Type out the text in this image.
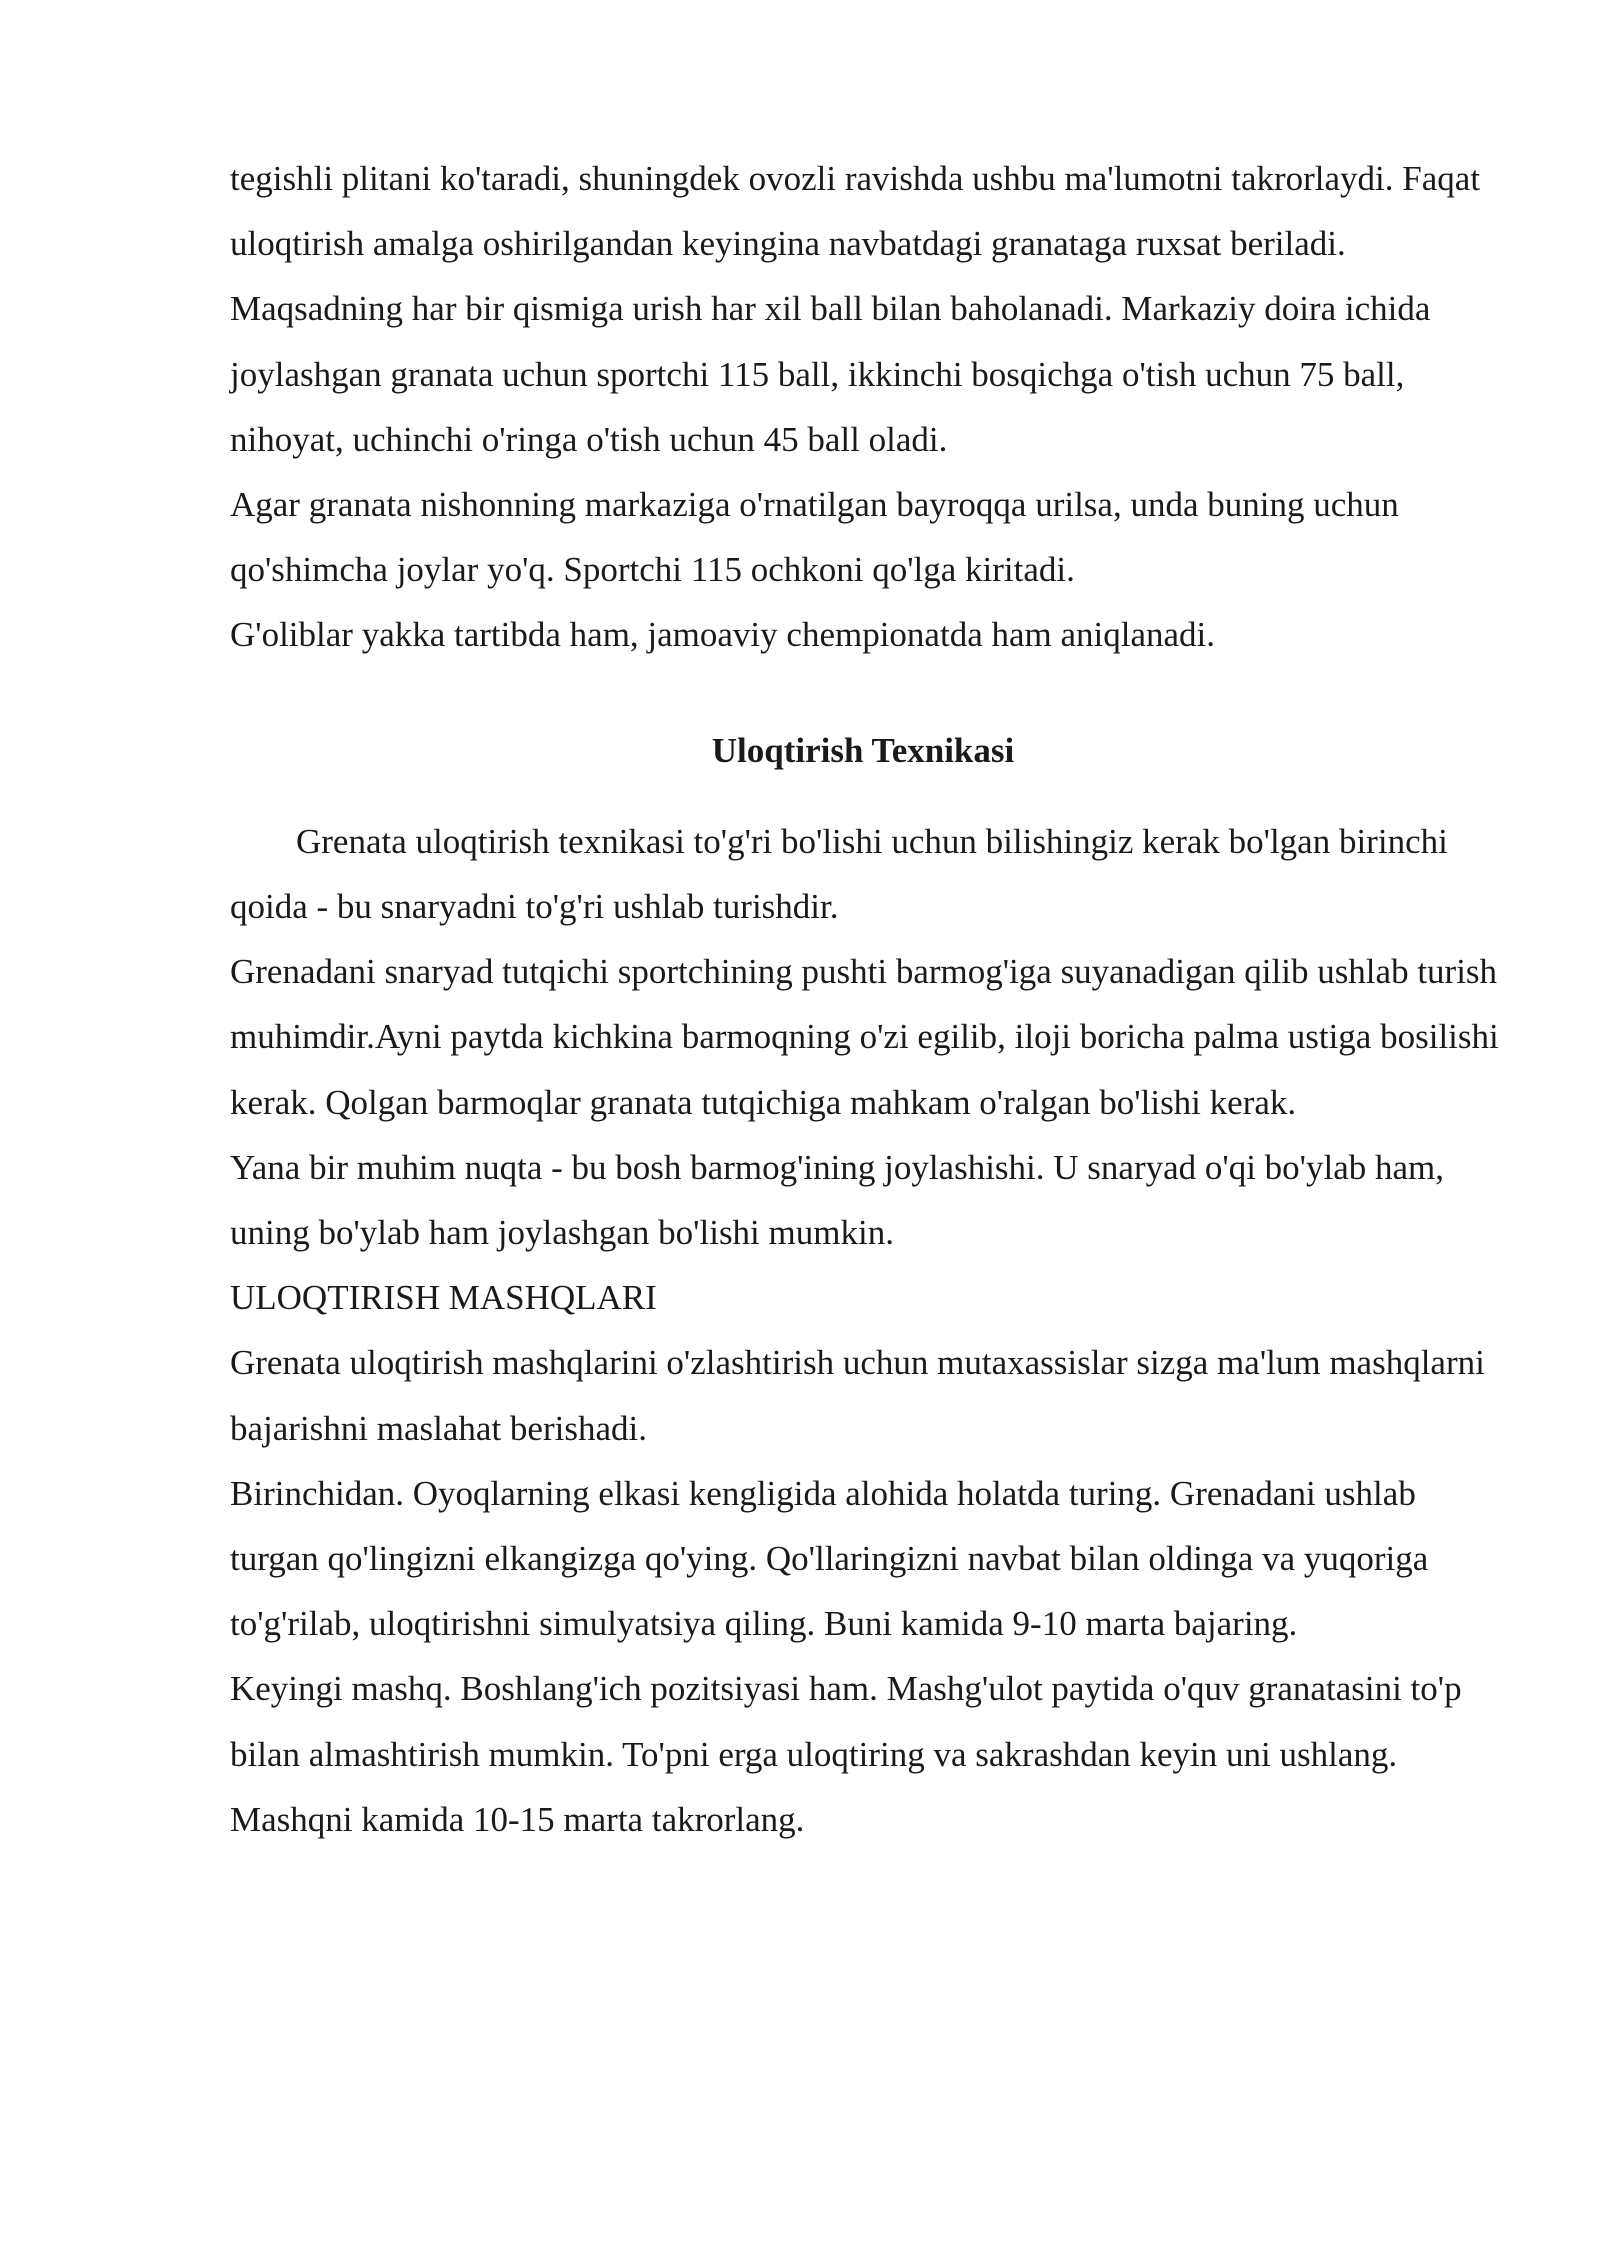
tegishli plitani ko'taradi, shuningdek ovozli ravishda ushbu ma'lumotni takrorlaydi. Faqat uloqtirish amalga oshirilgandan keyingina navbatdagi granataga ruxsat beriladi.

Maqsadning har bir qismiga urish har xil ball bilan baholanadi. Markaziy doira ichida joylashgan granata uchun sportchi 115 ball, ikkinchi bosqichga o'tish uchun 75 ball, nihoyat, uchinchi o'ringa o'tish uchun 45 ball oladi.

Agar granata nishonning markaziga o'rnatilgan bayroqqa urilsa, unda buning uchun qo'shimcha joylar yo'q. Sportchi 115 ochkoni qo'lga kiritadi.

G'oliblar yakka tartibda ham, jamoaviy chempionatda ham aniqlanadi.

Uloqtirish Texnikasi

Grenata uloqtirish texnikasi to'g'ri bo'lishi uchun bilishingiz kerak bo'lgan birinchi qoida - bu snaryadni to'g'ri ushlab turishdir.

Grenadani snaryad tutqichi sportchining pushti barmog'iga suyanadigan qilib ushlab turish muhimdir.Ayni paytda kichkina barmoqning o'zi egilib, iloji boricha palma ustiga bosilishi kerak. Qolgan barmoqlar granata tutqichiga mahkam o'ralgan bo'lishi kerak.

Yana bir muhim nuqta - bu bosh barmog'ining joylashishi. U snaryad o'qi bo'ylab ham, uning bo'ylab ham joylashgan bo'lishi mumkin.

ULOQTIRISH MASHQLARI

Grenata uloqtirish mashqlarini o'zlashtirish uchun mutaxassislar sizga ma'lum mashqlarni bajarishni maslahat berishadi.

Birinchidan. Oyoqlarning elkasi kengligida alohida holatda turing. Grenadani ushlab turgan qo'lingizni elkangizga qo'ying. Qo'llaringizni navbat bilan oldinga va yuqoriga to'g'rilab, uloqtirishni simulyatsiya qiling. Buni kamida 9-10 marta bajaring.

Keyingi mashq. Boshlang'ich pozitsiyasi ham. Mashg'ulot paytida o'quv granatasini to'p bilan almashtirish mumkin. To'pni erga uloqtiring va sakrashdan keyin uni ushlang. Mashqni kamida 10-15 marta takrorlang.
